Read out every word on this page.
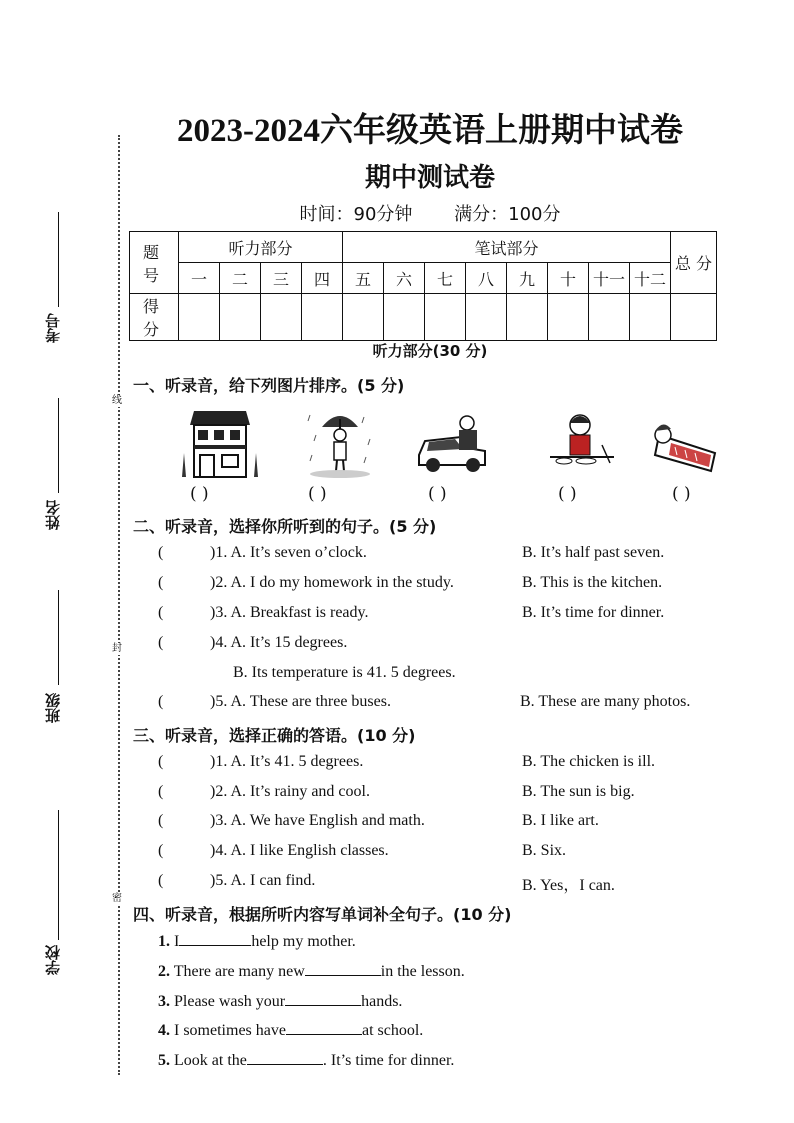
线
封
密
考号
姓名
班级
学校
2023-2024六年级英语上册期中试卷
期中测试卷
时间：90分钟 满分：100分
题 号	听力部分				笔试部分								总 分
	一	二	三	四	五	六	七	八	九	十	十一	十二	
得 分													
听力部分(30 分)
一、听录音，给下列图片排序。(5 分)
( )	( )	( )	( )	( )
二、听录音，选择你所听到的句子。(5 分)
(	)1. A. It’s seven o’clock.	B. It’s half past seven.
(	)2. A. I do my homework in the study.	B. This is the kitchen.
(	)3. A. Breakfast is ready.	B. It’s time for dinner.
(	)4. A. It’s 15 degrees.
B. Its temperature is 41. 5 degrees.
(	)5. A. These are three buses.	B. These are many photos.
三、听录音，选择正确的答语。(10 分)
(	)1. A. It’s 41. 5 degrees.	B. The chicken is ill.
(	)2. A. It’s rainy and cool.	B. The sun is big.
(	)3. A. We have English and math.	B. I like art.
(	)4. A. I like English classes.	B. Six.
(	)5. A. I can find.	B. Yes，I can.
四、听录音，根据所听内容写单词补全句子。(10 分)
1. I	help my mother.
2. There are many new	in the lesson.
3. Please wash your	hands.
4. I sometimes have	at school.
5. Look at the	. It’s time for dinner.
